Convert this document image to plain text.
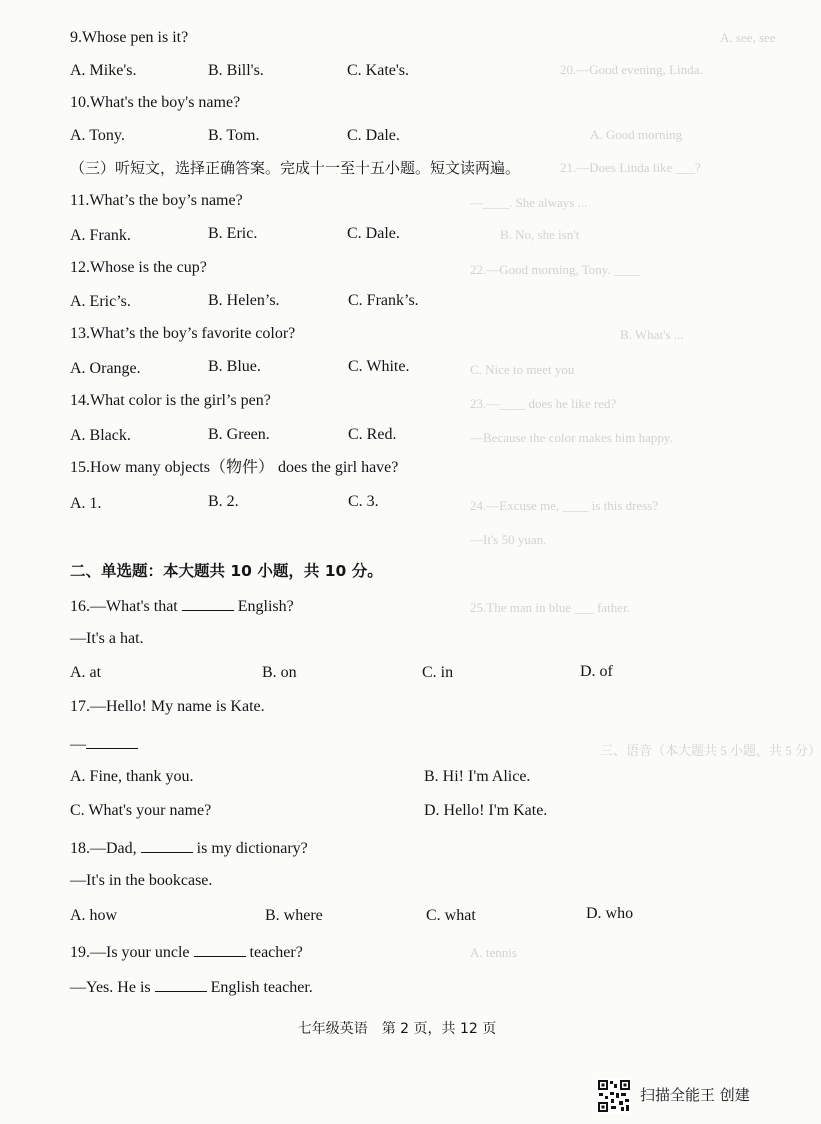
A. see, see
20.—Good evening, Linda.
A. Good morning
21.—Does Linda like ___?
—____. She always ...
B. No, she isn't
22.—Good morning, Tony. ____
B. What's ...
C. Nice to meet you
23.—____ does he like red?
—Because the color makes him happy.
24.—Excuse me, ____ is this dress?
—It's 50 yuan.
25.The man in blue ___ father.
三、语音（本大题共 5 小题，共 5 分）
A. tennis
9.Whose pen is it?
A. Mike's.	B. Bill's.	C. Kate's.
10.What's the boy's name?
A. Tony.	B. Tom.	C. Dale.
（三）听短文，选择正确答案。完成十一至十五小题。短文读两遍。
11.What’s the boy’s name?
A. Frank.	B. Eric.	C. Dale.
12.Whose is the cup?
A. Eric’s.	B. Helen’s.	C. Frank’s.
13.What’s the boy’s favorite color?
A. Orange.	B. Blue.	C. White.
14.What color is the girl’s pen?
A. Black.	B. Green.	C. Red.
15.How many objects（物件） does the girl have?
A. 1.	B. 2.	C. 3.
二、单选题：本大题共 10 小题，共 10 分。
16.—What's that	English?
—It's a hat.
A. at	B. on	C. in	D. of
17.—Hello! My name is Kate.
—
A. Fine, thank you.	B. Hi! I'm Alice.
C. What's your name?	D. Hello! I'm Kate.
18.—Dad,	is my dictionary?
—It's in the bookcase.
A. how	B. where	C. what	D. who
19.—Is your uncle	teacher?
—Yes. He is	English teacher.
七年级英语　第 2 页，共 12 页
扫描全能王 创建
